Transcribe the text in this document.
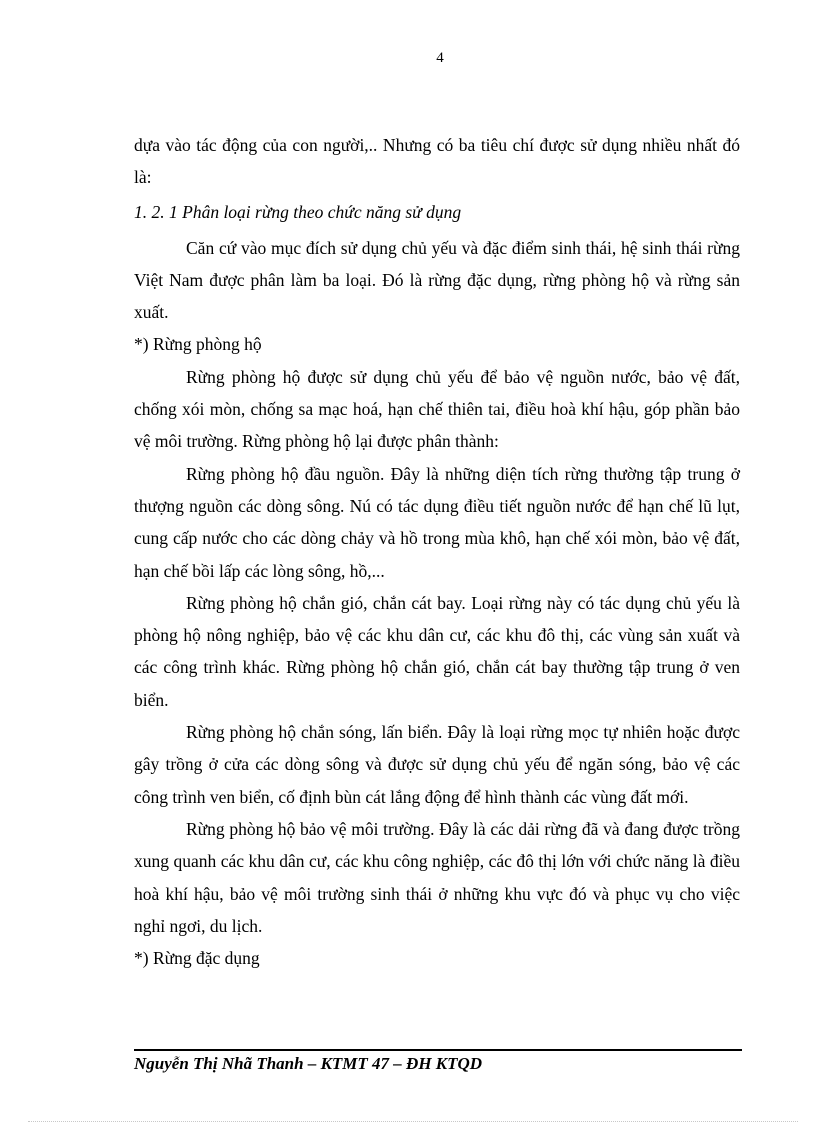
4

dựa vào tác động của con người,.. Nhưng có ba tiêu chí được sử dụng nhiều nhất đó là:

1. 2. 1 Phân loại rừng theo chức năng sử dụng

Căn cứ vào mục đích sử dụng chủ yếu và đặc điểm sinh thái, hệ sinh thái rừng Việt Nam được phân làm ba loại. Đó là rừng đặc dụng, rừng phòng hộ và rừng sản xuất.

*) Rừng phòng hộ

Rừng phòng hộ được sử dụng chủ yếu để bảo vệ nguồn nước, bảo vệ đất, chống xói mòn, chống sa mạc hoá, hạn chế thiên tai, điều hoà khí hậu, góp phần bảo vệ môi trường. Rừng phòng hộ lại được phân thành:

Rừng phòng hộ đầu nguồn. Đây là những diện tích rừng thường tập trung ở thượng nguồn các dòng sông. Nú có tác dụng điều tiết nguồn nước để hạn chế lũ lụt, cung cấp nước cho các dòng chảy và hồ trong mùa khô, hạn chế xói mòn, bảo vệ đất, hạn chế bồi lấp các lòng sông, hồ,...

Rừng phòng hộ chắn gió, chắn cát bay. Loại rừng này có tác dụng chủ yếu là phòng hộ nông nghiệp, bảo vệ các khu dân cư, các khu đô thị, các vùng sản xuất và các công trình khác. Rừng phòng hộ chắn gió, chắn cát bay thường tập trung ở ven biển.

Rừng phòng hộ chắn sóng, lấn biển. Đây là loại rừng mọc tự nhiên hoặc được gây trồng ở cửa các dòng sông và được sử dụng chủ yếu để ngăn sóng, bảo vệ các công trình ven biển, cố định bùn cát lắng động để hình thành các vùng đất mới.

Rừng phòng hộ bảo vệ môi trường. Đây là các dải rừng đã và đang được trồng xung quanh các khu dân cư, các khu công nghiệp, các đô thị lớn với chức năng là điều hoà khí hậu, bảo vệ môi trường sinh thái ở những khu vực đó và phục vụ cho việc nghỉ ngơi, du lịch.

*) Rừng đặc dụng

Nguyễn Thị Nhã Thanh – KTMT 47 – ĐH KTQD
